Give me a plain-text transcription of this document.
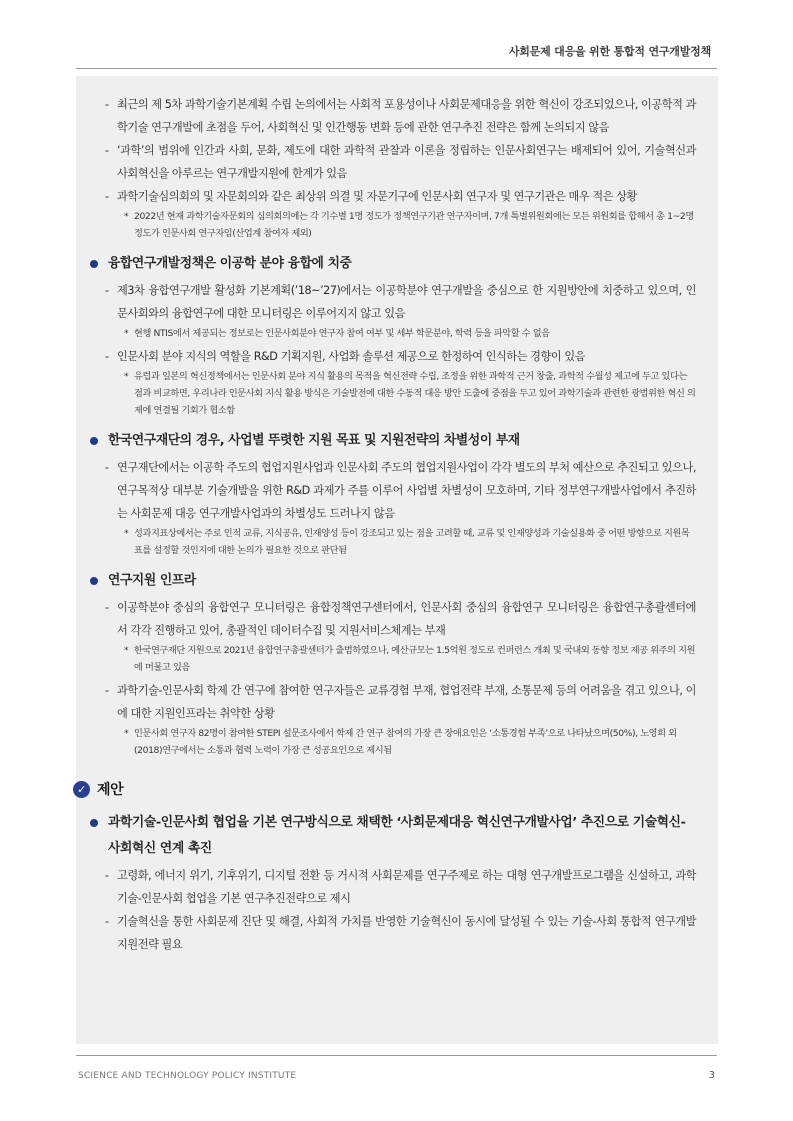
사회문제 대응을 위한 통합적 연구개발정책
- 최근의 제 5차 과학기술기본계획 수립 논의에서는 사회적 포용성이나 사회문제대응을 위한 혁신이 강조되었으나, 이공학적 과학기술 연구개발에 초점을 두어, 사회혁신 및 인간행동 변화 등에 관한 연구추진 전략은 함께 논의되지 않음
- ‘과학’의 범위에 인간과 사회, 문화, 제도에 대한 과학적 관찰과 이론을 정립하는 인문사회연구는 배제되어 있어, 기술혁신과 사회혁신을 아루르는 연구개발지원에 한계가 있음
- 과학기술심의회의 및 자문회의와 같은 최상위 의결 및 자문기구에 인문사회 연구자 및 연구기관은 매우 적은 상황
* 2022년 현재 과학기술자문회의 심의회의에는 각 기수별 1명 정도가 정책연구기관 연구자이며, 7개 특별위원회에는 모든 위원회를 합해서 총 1~2명 정도가 인문사회 연구자임(산업계 참여자 제외)
융합연구개발정책은 이공학 분야 융합에 치중
- 제3차 융합연구개발 활성화 기본계획(’18~’27)에서는 이공학분야 연구개발을 중심으로 한 지원방안에 치중하고 있으며, 인문사회와의 융합연구에 대한 모니터링은 이루어지지 않고 있음
* 현행 NTIS에서 제공되는 정보로는 인문사회분야 연구자 참여 여부 및 세부 학문분야, 학력 등을 파악할 수 없음
- 인문사회 분야 지식의 역할을 R&D 기획지원, 사업화 솔루션 제공으로 한정하여 인식하는 경향이 있음
* 유럽과 일본의 혁신정책에서는 인문사회 분야 지식 활용의 목적을 혁신전략 수립, 조정을 위한 과학적 근거 창출, 과학적 수월성 제고에 두고 있다는 점과 비교하면, 우리나라 인문사회 지식 활용 방식은 기술발전에 대한 수동적 대응 방안 도출에 중점을 두고 있어 과학기술과 관련한 광범위한 혁신 의제에 연결될 기회가 협소함
한국연구재단의 경우, 사업별 뚜렷한 지원 목표 및 지원전략의 차별성이 부재
- 연구재단에서는 이공학 주도의 협업지원사업과 인문사회 주도의 협업지원사업이 각각 별도의 부처 예산으로 추진되고 있으나, 연구목적상 대부분 기술개발을 위한 R&D 과제가 주를 이루어 사업별 차별성이 모호하며, 기타 정부연구개발사업에서 추진하는 사회문제 대응 연구개발사업과의 차별성도 드러나지 않음
* 성과지표상에서는 주로 인적 교류, 지식공유, 인재양성 등이 강조되고 있는 점을 고려할 때, 교류 및 인재양성과 기술실용화 중 어떤 방향으로 지원목표를 설정할 것인지에 대한 논의가 필요한 것으로 판단됨
연구지원 인프라
- 이공학분야 중심의 융합연구 모니터링은 융합정책연구센터에서, 인문사회 중심의 융합연구 모니터링은 융합연구총괄센터에서 각각 진행하고 있어, 총괄적인 데이터수집 및 지원서비스체계는 부재
* 한국연구재단 지원으로 2021년 융합연구총괄센터가 출범하였으나, 예산규모는 1.5억원 정도로 컨퍼런스 개최 및 국내외 동향 정보 제공 위주의 지원에 머물고 있음
- 과학기술-인문사회 학제 간 연구에 참여한 연구자들은 교류경험 부재, 협업전략 부재, 소통문제 등의 어려움을 겪고 있으나, 이에 대한 지원인프라는 취약한 상황
* 인문사회 연구자 82명이 참여한 STEPI 설문조사에서 학제 간 연구 참여의 가장 큰 장애요인은 ‘소통경험 부족’으로 나타났으며(50%), 노영희 외(2018)연구에서는 소통과 협력 노력이 가장 큰 성공요인으로 제시됨
✓ 제안
과학기술-인문사회 협업을 기본 연구방식으로 채택한 ‘사회문제대응 혁신연구개발사업’ 추진으로 기술혁신-사회혁신 연계 촉진
- 고령화, 에너지 위기, 기후위기, 디지털 전환 등 거시적 사회문제를 연구주제로 하는 대형 연구개발프로그램을 신설하고, 과학기술-인문사회 협업을 기본 연구추진전략으로 제시
- 기술혁신을 통한 사회문제 진단 및 해결, 사회적 가치를 반영한 기술혁신이 동시에 달성될 수 있는 기술-사회 통합적 연구개발 지원전략 필요
SCIENCE AND TECHNOLOGY POLICY INSTITUTE	3
